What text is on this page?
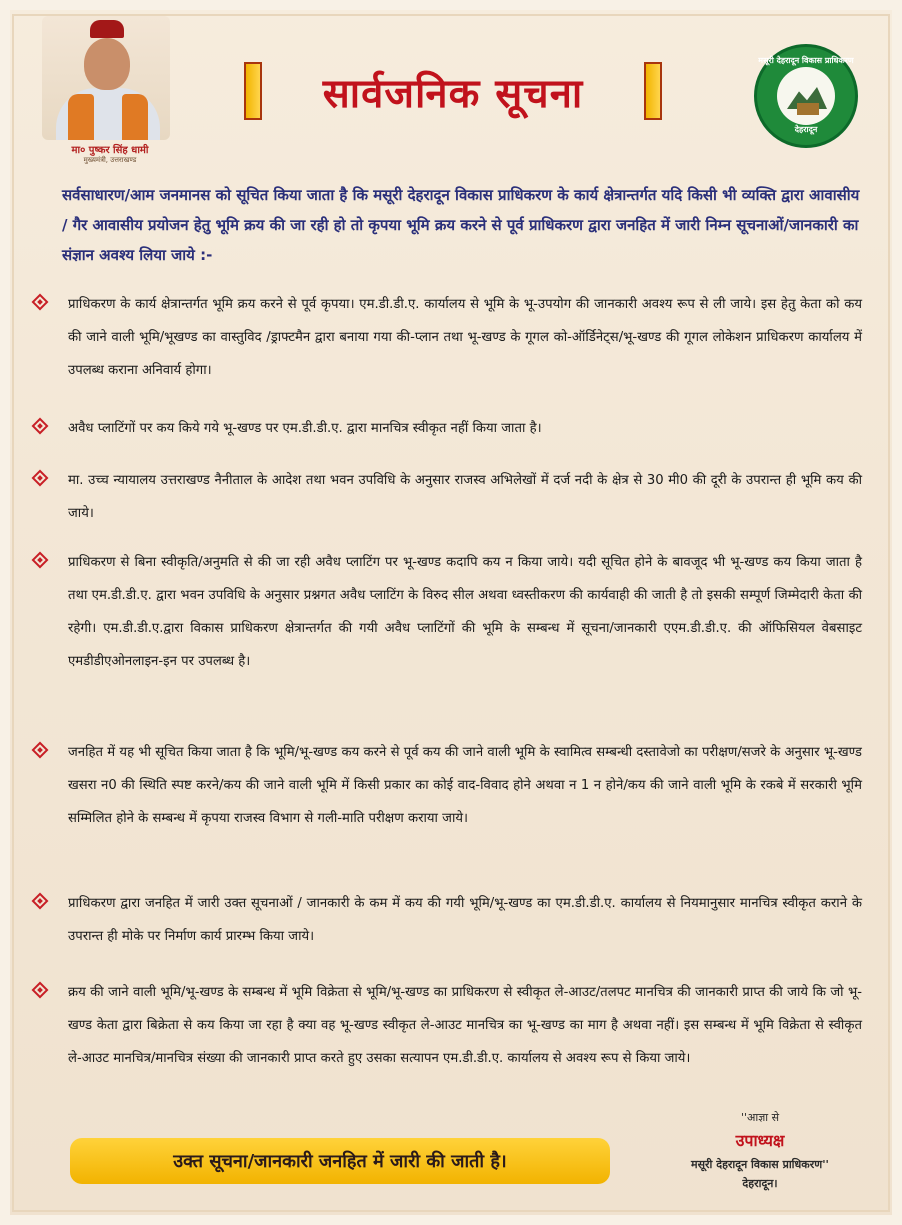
मा० पुष्कर सिंह धामी
मुख्यमंत्री, उत्तराखण्ड
सार्वजनिक सूचना
मसूरी देहरादून विकास प्राधिकरण
देहरादून
सर्वसाधारण/आम जनमानस को सूचित किया जाता है कि मसूरी देहरादून विकास प्राधिकरण के कार्य क्षेत्रान्तर्गत यदि किसी भी व्यक्ति द्वारा आवासीय / गैर आवासीय प्रयोजन हेतु भूमि क्रय की जा रही हो तो कृपया भूमि क्रय करने से पूर्व प्राधिकरण द्वारा जनहित में जारी निम्न सूचनाओं/जानकारी का संज्ञान अवश्य लिया जाये :-
प्राधिकरण के कार्य क्षेत्रान्तर्गत भूमि क्रय करने से पूर्व कृपया। एम.डी.डी.ए. कार्यालय से भूमि के भू-उपयोग की जानकारी अवश्य रूप से ली जाये। इस हेतु केता को कय की जाने वाली भूमि/भूखण्ड का वास्तुविद /ड्राफ्टमैन द्वारा बनाया गया की-प्लान तथा भू-खण्ड के गूगल को-ऑर्डिनेट्स/भू-खण्ड की गूगल लोकेशन प्राधिकरण कार्यालय में उपलब्ध कराना अनिवार्य होगा।
अवैध प्लाटिंगों पर कय किये गये भू-खण्ड पर एम.डी.डी.ए. द्वारा मानचित्र स्वीकृत नहीं किया जाता है।
मा. उच्च न्यायालय उत्तराखण्ड नैनीताल के आदेश तथा भवन उपविधि के अनुसार राजस्व अभिलेखों में दर्ज नदी के क्षेत्र से 30 मी0 की दूरी के उपरान्त ही भूमि कय की जाये।
प्राधिकरण से बिना स्वीकृति/अनुमति से की जा रही अवैध प्लाटिंग पर भू-खण्ड कदापि कय न किया जाये। यदी सूचित होने के बावजूद भी भू-खण्ड कय किया जाता है तथा एम.डी.डी.ए. द्वारा भवन उपविधि के अनुसार प्रश्नगत अवैध प्लाटिंग के विरुद सील अथवा ध्वस्तीकरण की कार्यवाही की जाती है तो इसकी सम्पूर्ण जिम्मेदारी केता की रहेगी। एम.डी.डी.ए.द्वारा विकास प्राधिकरण क्षेत्रान्तर्गत की गयी अवैध प्लाटिंगों की भूमि के सम्बन्ध में सूचना/जानकारी एएम.डी.डी.ए. की ऑफिसियल वेबसाइट एमडीडीएओनलाइन-इन पर उपलब्ध है।
जनहित में यह भी सूचित किया जाता है कि भूमि/भू-खण्ड कय करने से पूर्व कय की जाने वाली भूमि के स्वामित्व सम्बन्धी दस्तावेजो का परीक्षण/सजरे के अनुसार भू-खण्ड खसरा न0 की स्थिति स्पष्ट करने/कय की जाने वाली भूमि में किसी प्रकार का कोई वाद-विवाद होने अथवा न 1 न होने/कय की जाने वाली भूमि के रकबे में सरकारी भूमि सम्मिलित होने के सम्बन्ध में कृपया राजस्व विभाग से गली-माति परीक्षण कराया जाये।
प्राधिकरण द्वारा जनहित में जारी उक्त सूचनाओं / जानकारी के कम में कय की गयी भूमि/भू-खण्ड का एम.डी.डी.ए. कार्यालय से नियमानुसार मानचित्र स्वीकृत कराने के उपरान्त ही मोके पर निर्माण कार्य प्रारम्भ किया जाये।
क्रय की जाने वाली भूमि/भू-खण्ड के सम्बन्ध में भूमि विक्रेता से भूमि/भू-खण्ड का प्राधिकरण से स्वीकृत ले-आउट/तलपट मानचित्र की जानकारी प्राप्त की जाये कि जो भू-खण्ड केता द्वारा बिक्रेता से कय किया जा रहा है क्या वह भू-खण्ड स्वीकृत ले-आउट मानचित्र का भू-खण्ड का माग है अथवा नहीं। इस सम्बन्ध में भूमि विक्रेता से स्वीकृत ले-आउट मानचित्र/मानचित्र संख्या की जानकारी प्राप्त करते हुए उसका सत्यापन एम.डी.डी.ए. कार्यालय से अवश्य रूप से किया जाये।
उक्त सूचना/जानकारी जनहित में जारी की जाती है।
''आज्ञा से
उपाध्यक्ष
मसूरी देहरादून विकास प्राधिकरण''
देहरादून।
